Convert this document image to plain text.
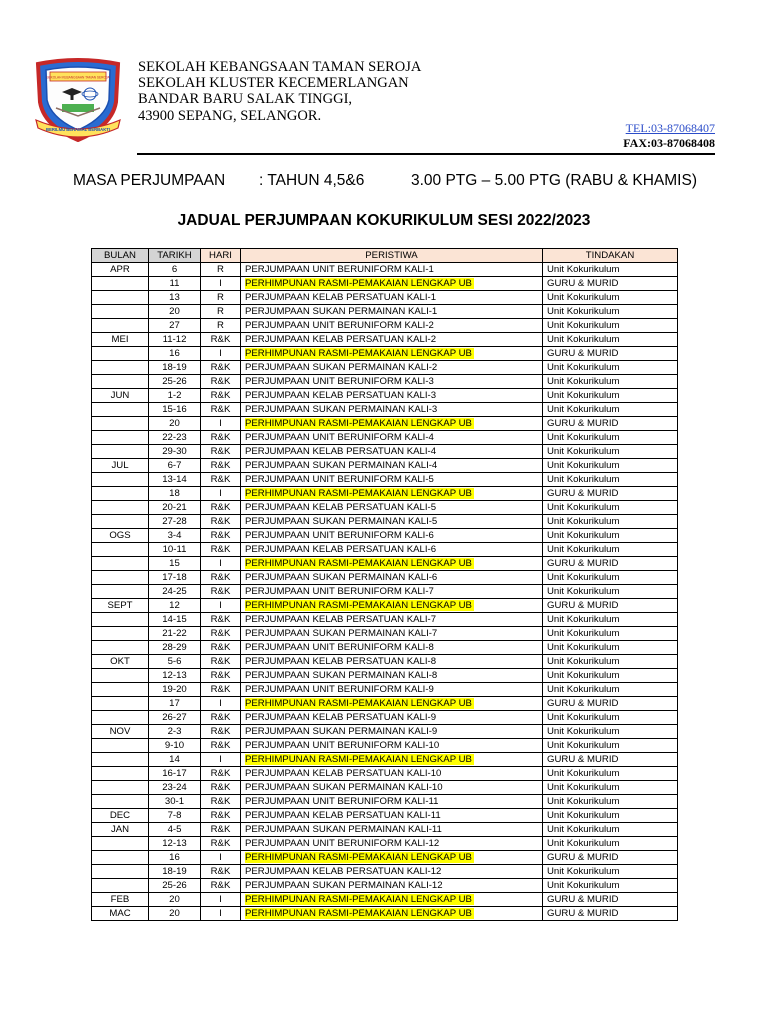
SEKOLAH KEBANGSAAN TAMAN SEROJA
BERILMU BERAMAL BERBAKTI
SEKOLAH KEBANGSAAN TAMAN SEROJA
SEKOLAH KLUSTER KECEMERLANGAN
BANDAR BARU SALAK TINGGI,
43900 SEPANG, SELANGOR.
TEL:03-87068407
FAX:03-87068408
MASA PERJUMPAAN : TAHUN 4,5&6	3.00 PTG – 5.00 PTG (RABU & KHAMIS)
JADUAL PERJUMPAAN KOKURIKULUM SESI 2022/2023
BULAN	TARIKH	HARI	PERISTIWA	TINDAKAN
APR	6	R	PERJUMPAAN UNIT BERUNIFORM KALI-1	Unit Kokurikulum
	11	I	PERHIMPUNAN RASMI-PEMAKAIAN LENGKAP UB	GURU & MURID
	13	R	PERJUMPAAN KELAB PERSATUAN KALI-1	Unit Kokurikulum
	20	R	PERJUMPAAN SUKAN PERMAINAN KALI-1	Unit Kokurikulum
	27	R	PERJUMPAAN UNIT BERUNIFORM KALI-2	Unit Kokurikulum
MEI	11-12	R&K	PERJUMPAAN KELAB PERSATUAN KALI-2	Unit Kokurikulum
	16	I	PERHIMPUNAN RASMI-PEMAKAIAN LENGKAP UB	GURU & MURID
	18-19	R&K	PERJUMPAAN SUKAN PERMAINAN KALI-2	Unit Kokurikulum
	25-26	R&K	PERJUMPAAN UNIT BERUNIFORM KALI-3	Unit Kokurikulum
JUN	1-2	R&K	PERJUMPAAN KELAB PERSATUAN KALI-3	Unit Kokurikulum
	15-16	R&K	PERJUMPAAN SUKAN PERMAINAN KALI-3	Unit Kokurikulum
	20	I	PERHIMPUNAN RASMI-PEMAKAIAN LENGKAP UB	GURU & MURID
	22-23	R&K	PERJUMPAAN UNIT BERUNIFORM KALI-4	Unit Kokurikulum
	29-30	R&K	PERJUMPAAN KELAB PERSATUAN KALI-4	Unit Kokurikulum
JUL	6-7	R&K	PERJUMPAAN SUKAN PERMAINAN KALI-4	Unit Kokurikulum
	13-14	R&K	PERJUMPAAN UNIT BERUNIFORM KALI-5	Unit Kokurikulum
	18	I	PERHIMPUNAN RASMI-PEMAKAIAN LENGKAP UB	GURU & MURID
	20-21	R&K	PERJUMPAAN KELAB PERSATUAN KALI-5	Unit Kokurikulum
	27-28	R&K	PERJUMPAAN SUKAN PERMAINAN KALI-5	Unit Kokurikulum
OGS	3-4	R&K	PERJUMPAAN UNIT BERUNIFORM KALI-6	Unit Kokurikulum
	10-11	R&K	PERJUMPAAN KELAB PERSATUAN KALI-6	Unit Kokurikulum
	15	I	PERHIMPUNAN RASMI-PEMAKAIAN LENGKAP UB	GURU & MURID
	17-18	R&K	PERJUMPAAN SUKAN PERMAINAN KALI-6	Unit Kokurikulum
	24-25	R&K	PERJUMPAAN UNIT BERUNIFORM KALI-7	Unit Kokurikulum
SEPT	12	I	PERHIMPUNAN RASMI-PEMAKAIAN LENGKAP UB	GURU & MURID
	14-15	R&K	PERJUMPAAN KELAB PERSATUAN KALI-7	Unit Kokurikulum
	21-22	R&K	PERJUMPAAN SUKAN PERMAINAN KALI-7	Unit Kokurikulum
	28-29	R&K	PERJUMPAAN UNIT BERUNIFORM KALI-8	Unit Kokurikulum
OKT	5-6	R&K	PERJUMPAAN KELAB PERSATUAN KALI-8	Unit Kokurikulum
	12-13	R&K	PERJUMPAAN SUKAN PERMAINAN KALI-8	Unit Kokurikulum
	19-20	R&K	PERJUMPAAN UNIT BERUNIFORM KALI-9	Unit Kokurikulum
	17	I	PERHIMPUNAN RASMI-PEMAKAIAN LENGKAP UB	GURU & MURID
	26-27	R&K	PERJUMPAAN KELAB PERSATUAN KALI-9	Unit Kokurikulum
NOV	2-3	R&K	PERJUMPAAN SUKAN PERMAINAN KALI-9	Unit Kokurikulum
	9-10	R&K	PERJUMPAAN UNIT BERUNIFORM KALI-10	Unit Kokurikulum
	14	I	PERHIMPUNAN RASMI-PEMAKAIAN LENGKAP UB	GURU & MURID
	16-17	R&K	PERJUMPAAN KELAB PERSATUAN KALI-10	Unit Kokurikulum
	23-24	R&K	PERJUMPAAN SUKAN PERMAINAN KALI-10	Unit Kokurikulum
	30-1	R&K	PERJUMPAAN UNIT BERUNIFORM KALI-11	Unit Kokurikulum
DEC	7-8	R&K	PERJUMPAAN KELAB PERSATUAN KALI-11	Unit Kokurikulum
JAN	4-5	R&K	PERJUMPAAN SUKAN PERMAINAN KALI-11	Unit Kokurikulum
	12-13	R&K	PERJUMPAAN UNIT BERUNIFORM KALI-12	Unit Kokurikulum
	16	I	PERHIMPUNAN RASMI-PEMAKAIAN LENGKAP UB	GURU & MURID
	18-19	R&K	PERJUMPAAN KELAB PERSATUAN KALI-12	Unit Kokurikulum
	25-26	R&K	PERJUMPAAN SUKAN PERMAINAN KALI-12	Unit Kokurikulum
FEB	20	I	PERHIMPUNAN RASMI-PEMAKAIAN LENGKAP UB	GURU & MURID
MAC	20	I	PERHIMPUNAN RASMI-PEMAKAIAN LENGKAP UB	GURU & MURID
